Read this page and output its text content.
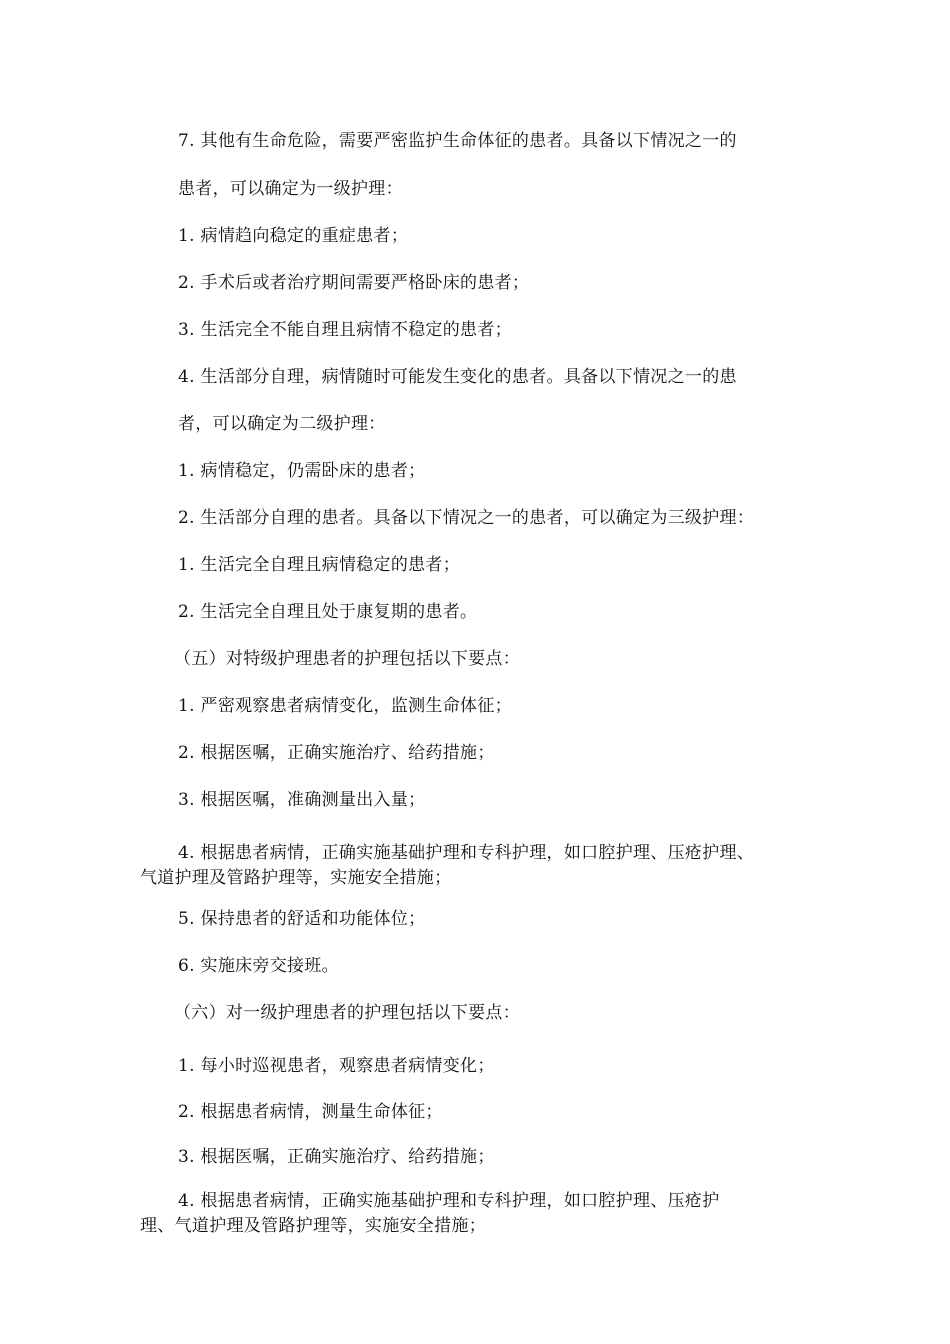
7. 其他有生命危险，需要严密监护生命体征的患者。具备以下情况之一的
患者，可以确定为一级护理：
1. 病情趋向稳定的重症患者；
2. 手术后或者治疗期间需要严格卧床的患者；
3. 生活完全不能自理且病情不稳定的患者；
4. 生活部分自理，病情随时可能发生变化的患者。具备以下情况之一的患
者，可以确定为二级护理：
1. 病情稳定，仍需卧床的患者；
2. 生活部分自理的患者。具备以下情况之一的患者，可以确定为三级护理：
1. 生活完全自理且病情稳定的患者；
2. 生活完全自理且处于康复期的患者。
（五）对特级护理患者的护理包括以下要点：
1. 严密观察患者病情变化，监测生命体征；
2. 根据医嘱，正确实施治疗、给药措施；
3. 根据医嘱，准确测量出入量；
4. 根据患者病情，正确实施基础护理和专科护理，如口腔护理、压疮护理、
气道护理及管路护理等，实施安全措施；
5. 保持患者的舒适和功能体位；
6. 实施床旁交接班。
（六）对一级护理患者的护理包括以下要点：
1. 每小时巡视患者，观察患者病情变化；
2. 根据患者病情，测量生命体征；
3. 根据医嘱，正确实施治疗、给药措施；
4. 根据患者病情，正确实施基础护理和专科护理，如口腔护理、压疮护
理、气道护理及管路护理等，实施安全措施；
